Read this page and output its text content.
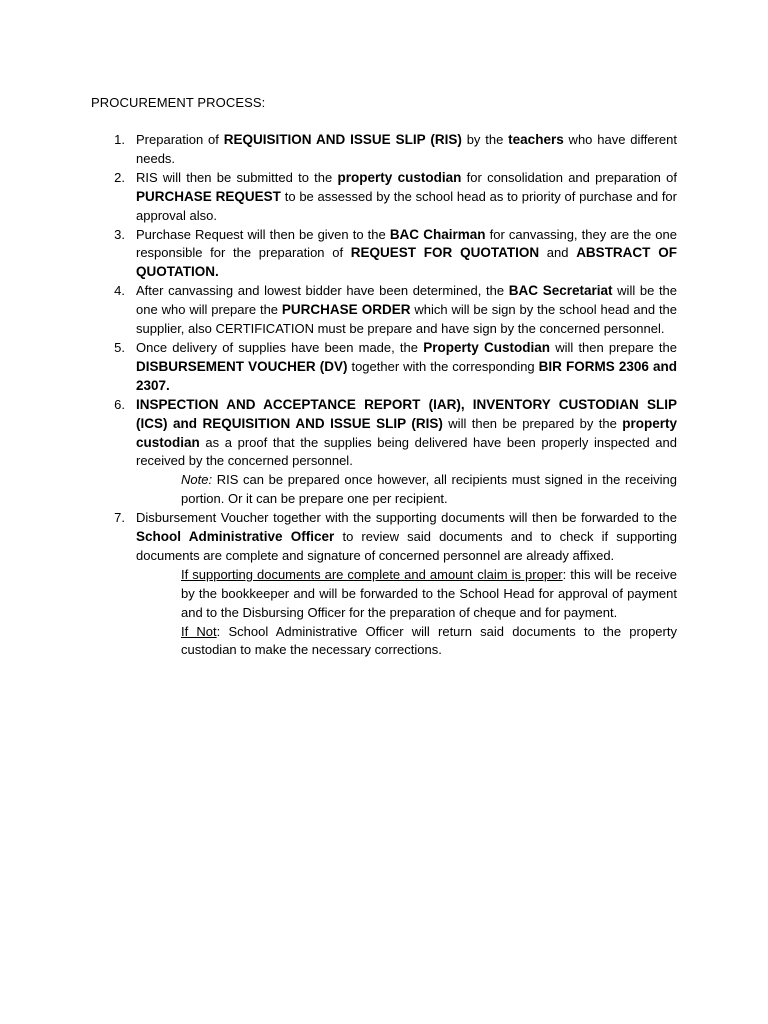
PROCUREMENT PROCESS:
1. Preparation of REQUISITION AND ISSUE SLIP (RIS) by the teachers who have different needs.
2. RIS will then be submitted to the property custodian for consolidation and preparation of PURCHASE REQUEST to be assessed by the school head as to priority of purchase and for approval also.
3. Purchase Request will then be given to the BAC Chairman for canvassing, they are the one responsible for the preparation of REQUEST FOR QUOTATION and ABSTRACT OF QUOTATION.
4. After canvassing and lowest bidder have been determined, the BAC Secretariat will be the one who will prepare the PURCHASE ORDER which will be sign by the school head and the supplier, also CERTIFICATION must be prepare and have sign by the concerned personnel.
5. Once delivery of supplies have been made, the Property Custodian will then prepare the DISBURSEMENT VOUCHER (DV) together with the corresponding BIR FORMS 2306 and 2307.
6. INSPECTION AND ACCEPTANCE REPORT (IAR), INVENTORY CUSTODIAN SLIP (ICS) and REQUISITION AND ISSUE SLIP (RIS) will then be prepared by the property custodian as a proof that the supplies being delivered have been properly inspected and received by the concerned personnel.
Note: RIS can be prepared once however, all recipients must signed in the receiving portion. Or it can be prepare one per recipient.
7. Disbursement Voucher together with the supporting documents will then be forwarded to the School Administrative Officer to review said documents and to check if supporting documents are complete and signature of concerned personnel are already affixed.
If supporting documents are complete and amount claim is proper: this will be receive by the bookkeeper and will be forwarded to the School Head for approval of payment and to the Disbursing Officer for the preparation of cheque and for payment.
If Not: School Administrative Officer will return said documents to the property custodian to make the necessary corrections.
